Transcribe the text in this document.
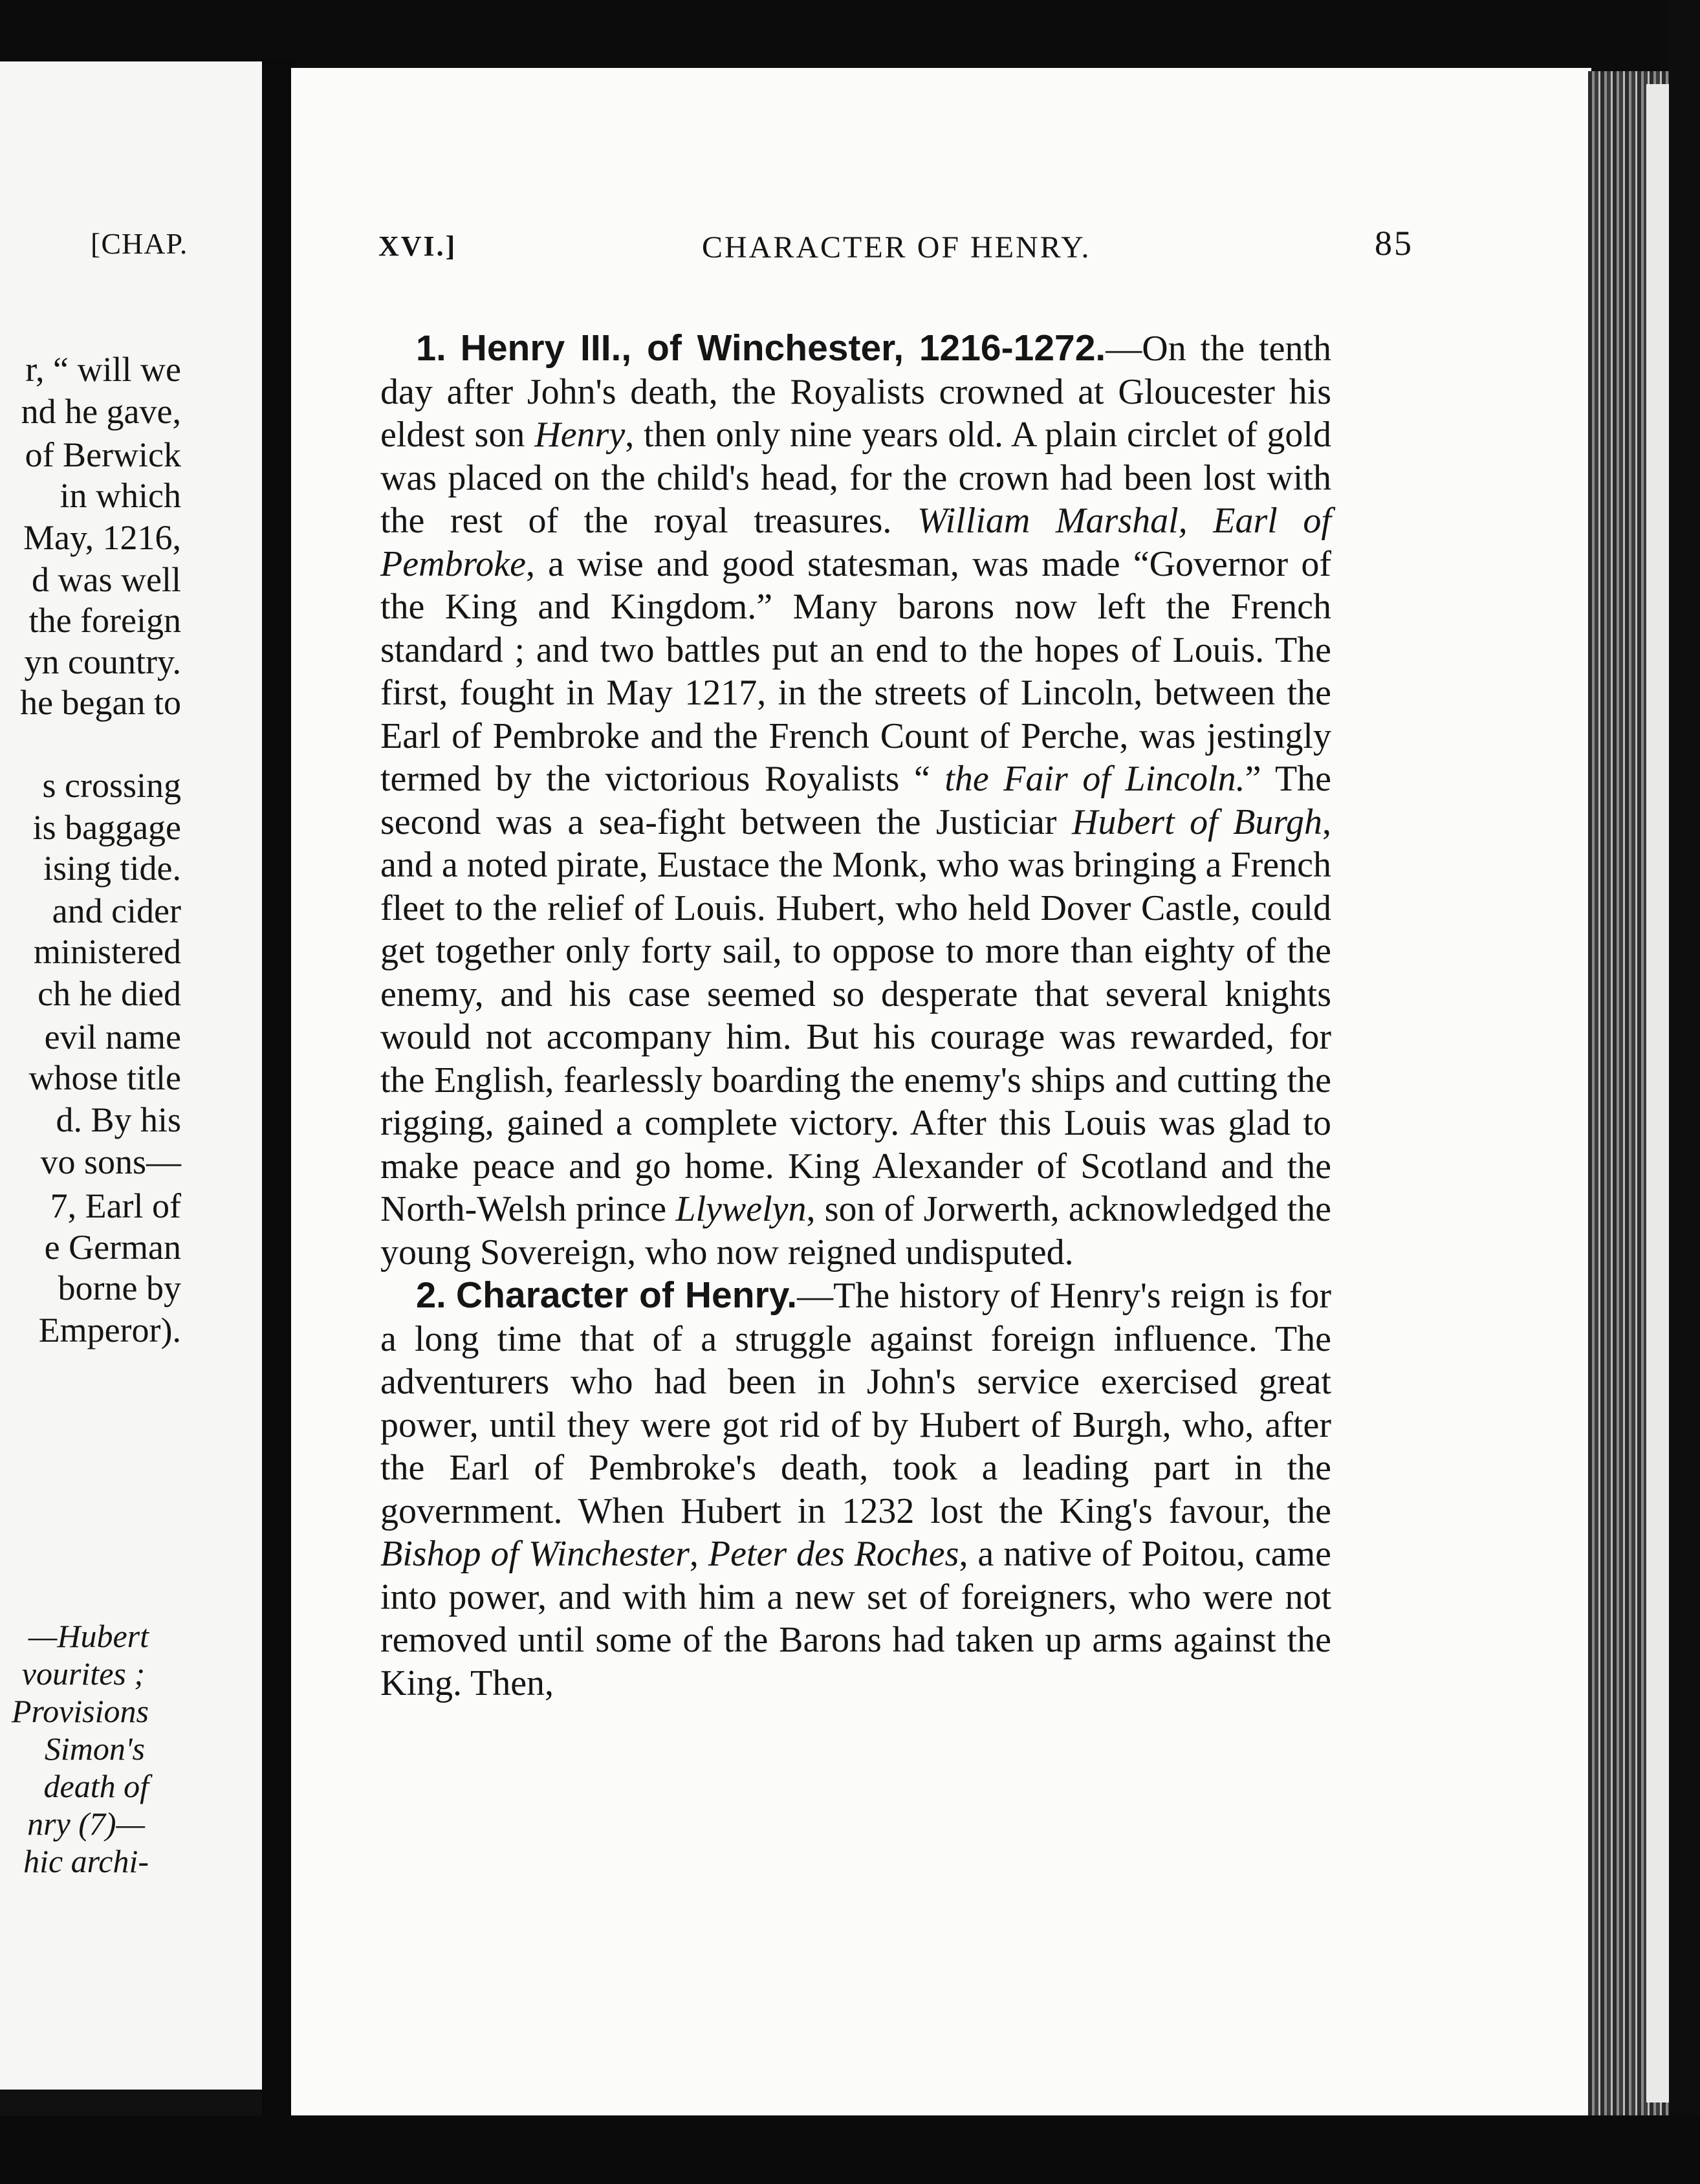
[CHAP.
r, “ will we
nd he gave,
of Berwick
in which
May, 1216,
d was well
the foreign
yn country.
he began to
s crossing
is baggage
ising tide.
and cider
ministered
ch he died
evil name
whose title
d. By his
vo sons—
7, Earl of
e German
borne by
Emperor).
—Hubert
vourites ;
Provisions
Simon's
death of
nry (7)—
hic archi-
XVI.]	CHARACTER OF HENRY.	85

1. Henry III., of Winchester, 1216-1272.—On the tenth day after John's death, the Royalists crowned at Gloucester his eldest son Henry, then only nine years old. A plain circlet of gold was placed on the child's head, for the crown had been lost with the rest of the royal treasures. William Marshal, Earl of Pembroke, a wise and good statesman, was made “Governor of the King and Kingdom.” Many barons now left the French standard ; and two battles put an end to the hopes of Louis. The first, fought in May 1217, in the streets of Lincoln, between the Earl of Pembroke and the French Count of Perche, was jestingly termed by the victorious Royalists “ the Fair of Lincoln.” The second was a sea-fight between the Justiciar Hubert of Burgh, and a noted pirate, Eustace the Monk, who was bringing a French fleet to the relief of Louis. Hubert, who held Dover Castle, could get together only forty sail, to oppose to more than eighty of the enemy, and his case seemed so desperate that several knights would not accompany him. But his courage was rewarded, for the English, fearlessly boarding the enemy's ships and cutting the rigging, gained a complete victory. After this Louis was glad to make peace and go home. King Alexander of Scotland and the North-Welsh prince Llywelyn, son of Jorwerth, acknowledged the young Sovereign, who now reigned undisputed.

2. Character of Henry.—The history of Henry's reign is for a long time that of a struggle against foreign influence. The adventurers who had been in John's service exercised great power, until they were got rid of by Hubert of Burgh, who, after the Earl of Pembroke's death, took a leading part in the government. When Hubert in 1232 lost the King's favour, the Bishop of Winchester, Peter des Roches, a native of Poitou, came into power, and with him a new set of foreigners, who were not removed until some of the Barons had taken up arms against the King. Then,
